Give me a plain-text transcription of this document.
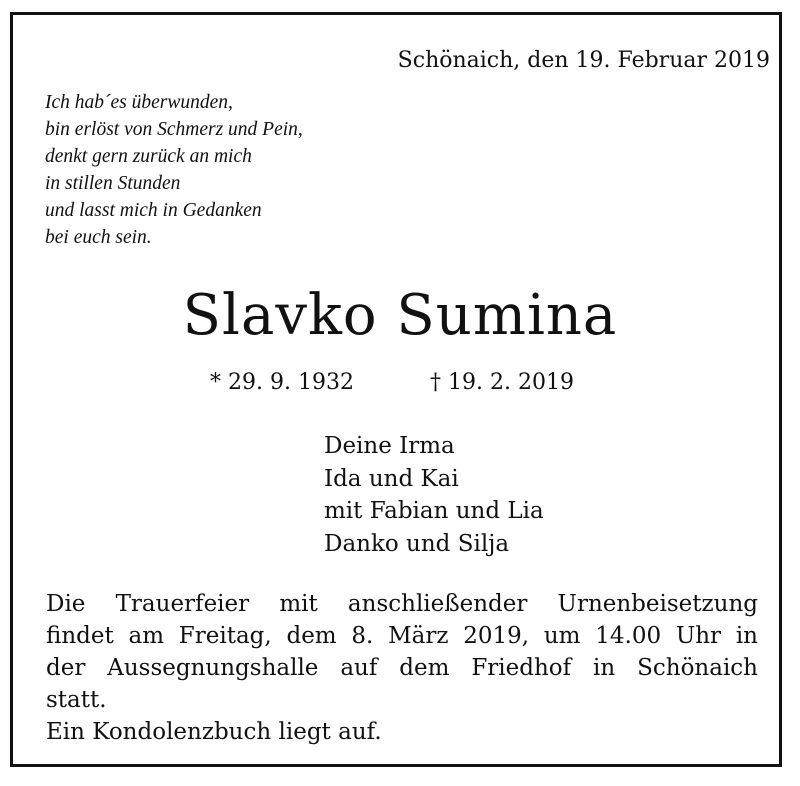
Schönaich, den 19. Februar 2019
Ich hab´es überwunden,
bin erlöst von Schmerz und Pein,
denkt gern zurück an mich
in stillen Stunden
und lasst mich in Gedanken
bei euch sein.
Slavko Sumina
* 29. 9. 1932	† 19. 2. 2019
Deine Irma
Ida und Kai
mit Fabian und Lia
Danko und Silja
Die Trauerfeier mit anschließender Urnenbeisetzung
findet am Freitag, dem 8. März 2019, um 14.00 Uhr in
der Aussegnungshalle auf dem Friedhof in Schönaich
statt.
Ein Kondolenzbuch liegt auf.
